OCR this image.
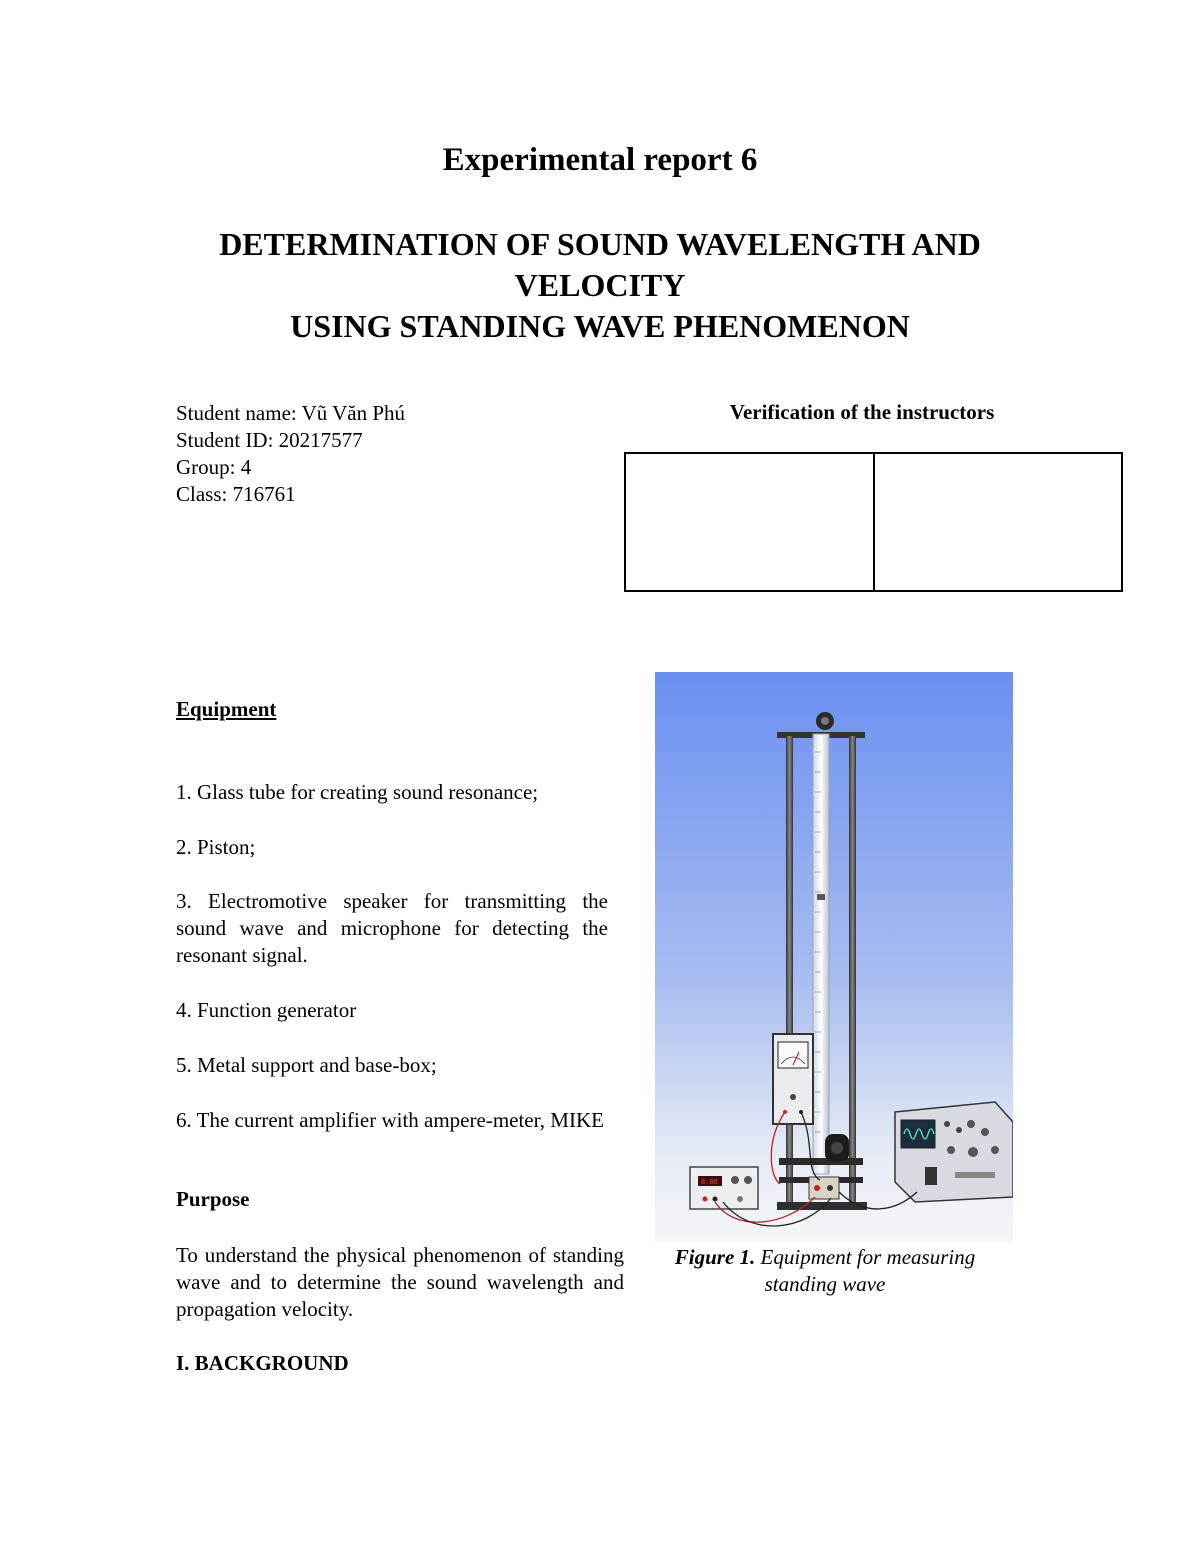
Experimental report 6
DETERMINATION OF SOUND WAVELENGTH AND
VELOCITY
USING STANDING WAVE PHENOMENON
Student name: Vũ Văn Phú
Student ID: 20217577
Group: 4
Class: 716761
Verification of the instructors
Equipment
1. Glass tube for creating sound resonance;
2. Piston;
3. Electromotive speaker for transmitting the sound wave and microphone for detecting the resonant signal.
4. Function generator
5. Metal support and base-box;
6. The current amplifier with ampere-meter, MIKE
Purpose
To understand the physical phenomenon of standing wave and to determine the sound wavelength and propagation velocity.
I. BACKGROUND
8.88
Figure 1. Equipment for measuring standing wave
